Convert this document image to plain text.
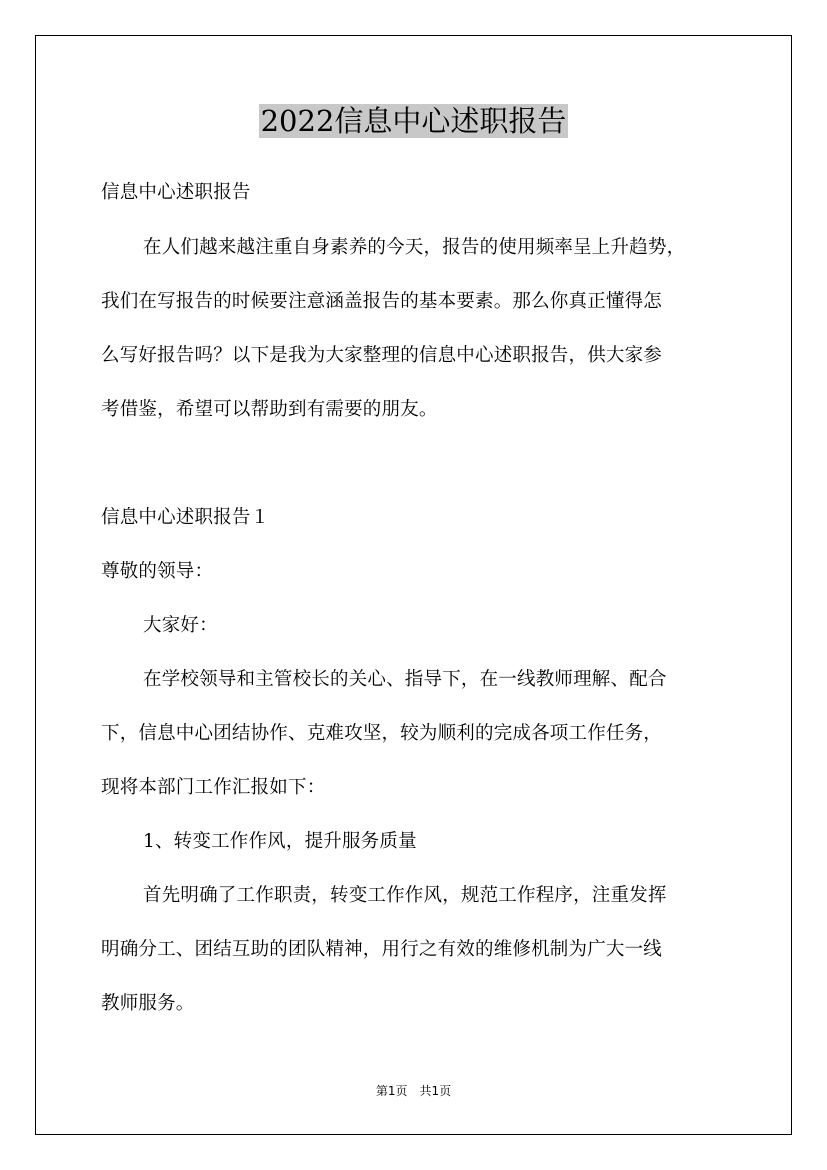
2022信息中心述职报告
信息中心述职报告
在人们越来越注重自身素养的今天，报告的使用频率呈上升趋势，
我们在写报告的时候要注意涵盖报告的基本要素。那么你真正懂得怎
么写好报告吗？以下是我为大家整理的信息中心述职报告，供大家参
考借鉴，希望可以帮助到有需要的朋友。
信息中心述职报告１
尊敬的领导：
大家好：
在学校领导和主管校长的关心、指导下，在一线教师理解、配合
下，信息中心团结协作、克难攻坚，较为顺利的完成各项工作任务，
现将本部门工作汇报如下：
1、转变工作作风，提升服务质量
首先明确了工作职责，转变工作作风，规范工作程序，注重发挥
明确分工、团结互助的团队精神，用行之有效的维修机制为广大一线
教师服务。
第1页　共1页
